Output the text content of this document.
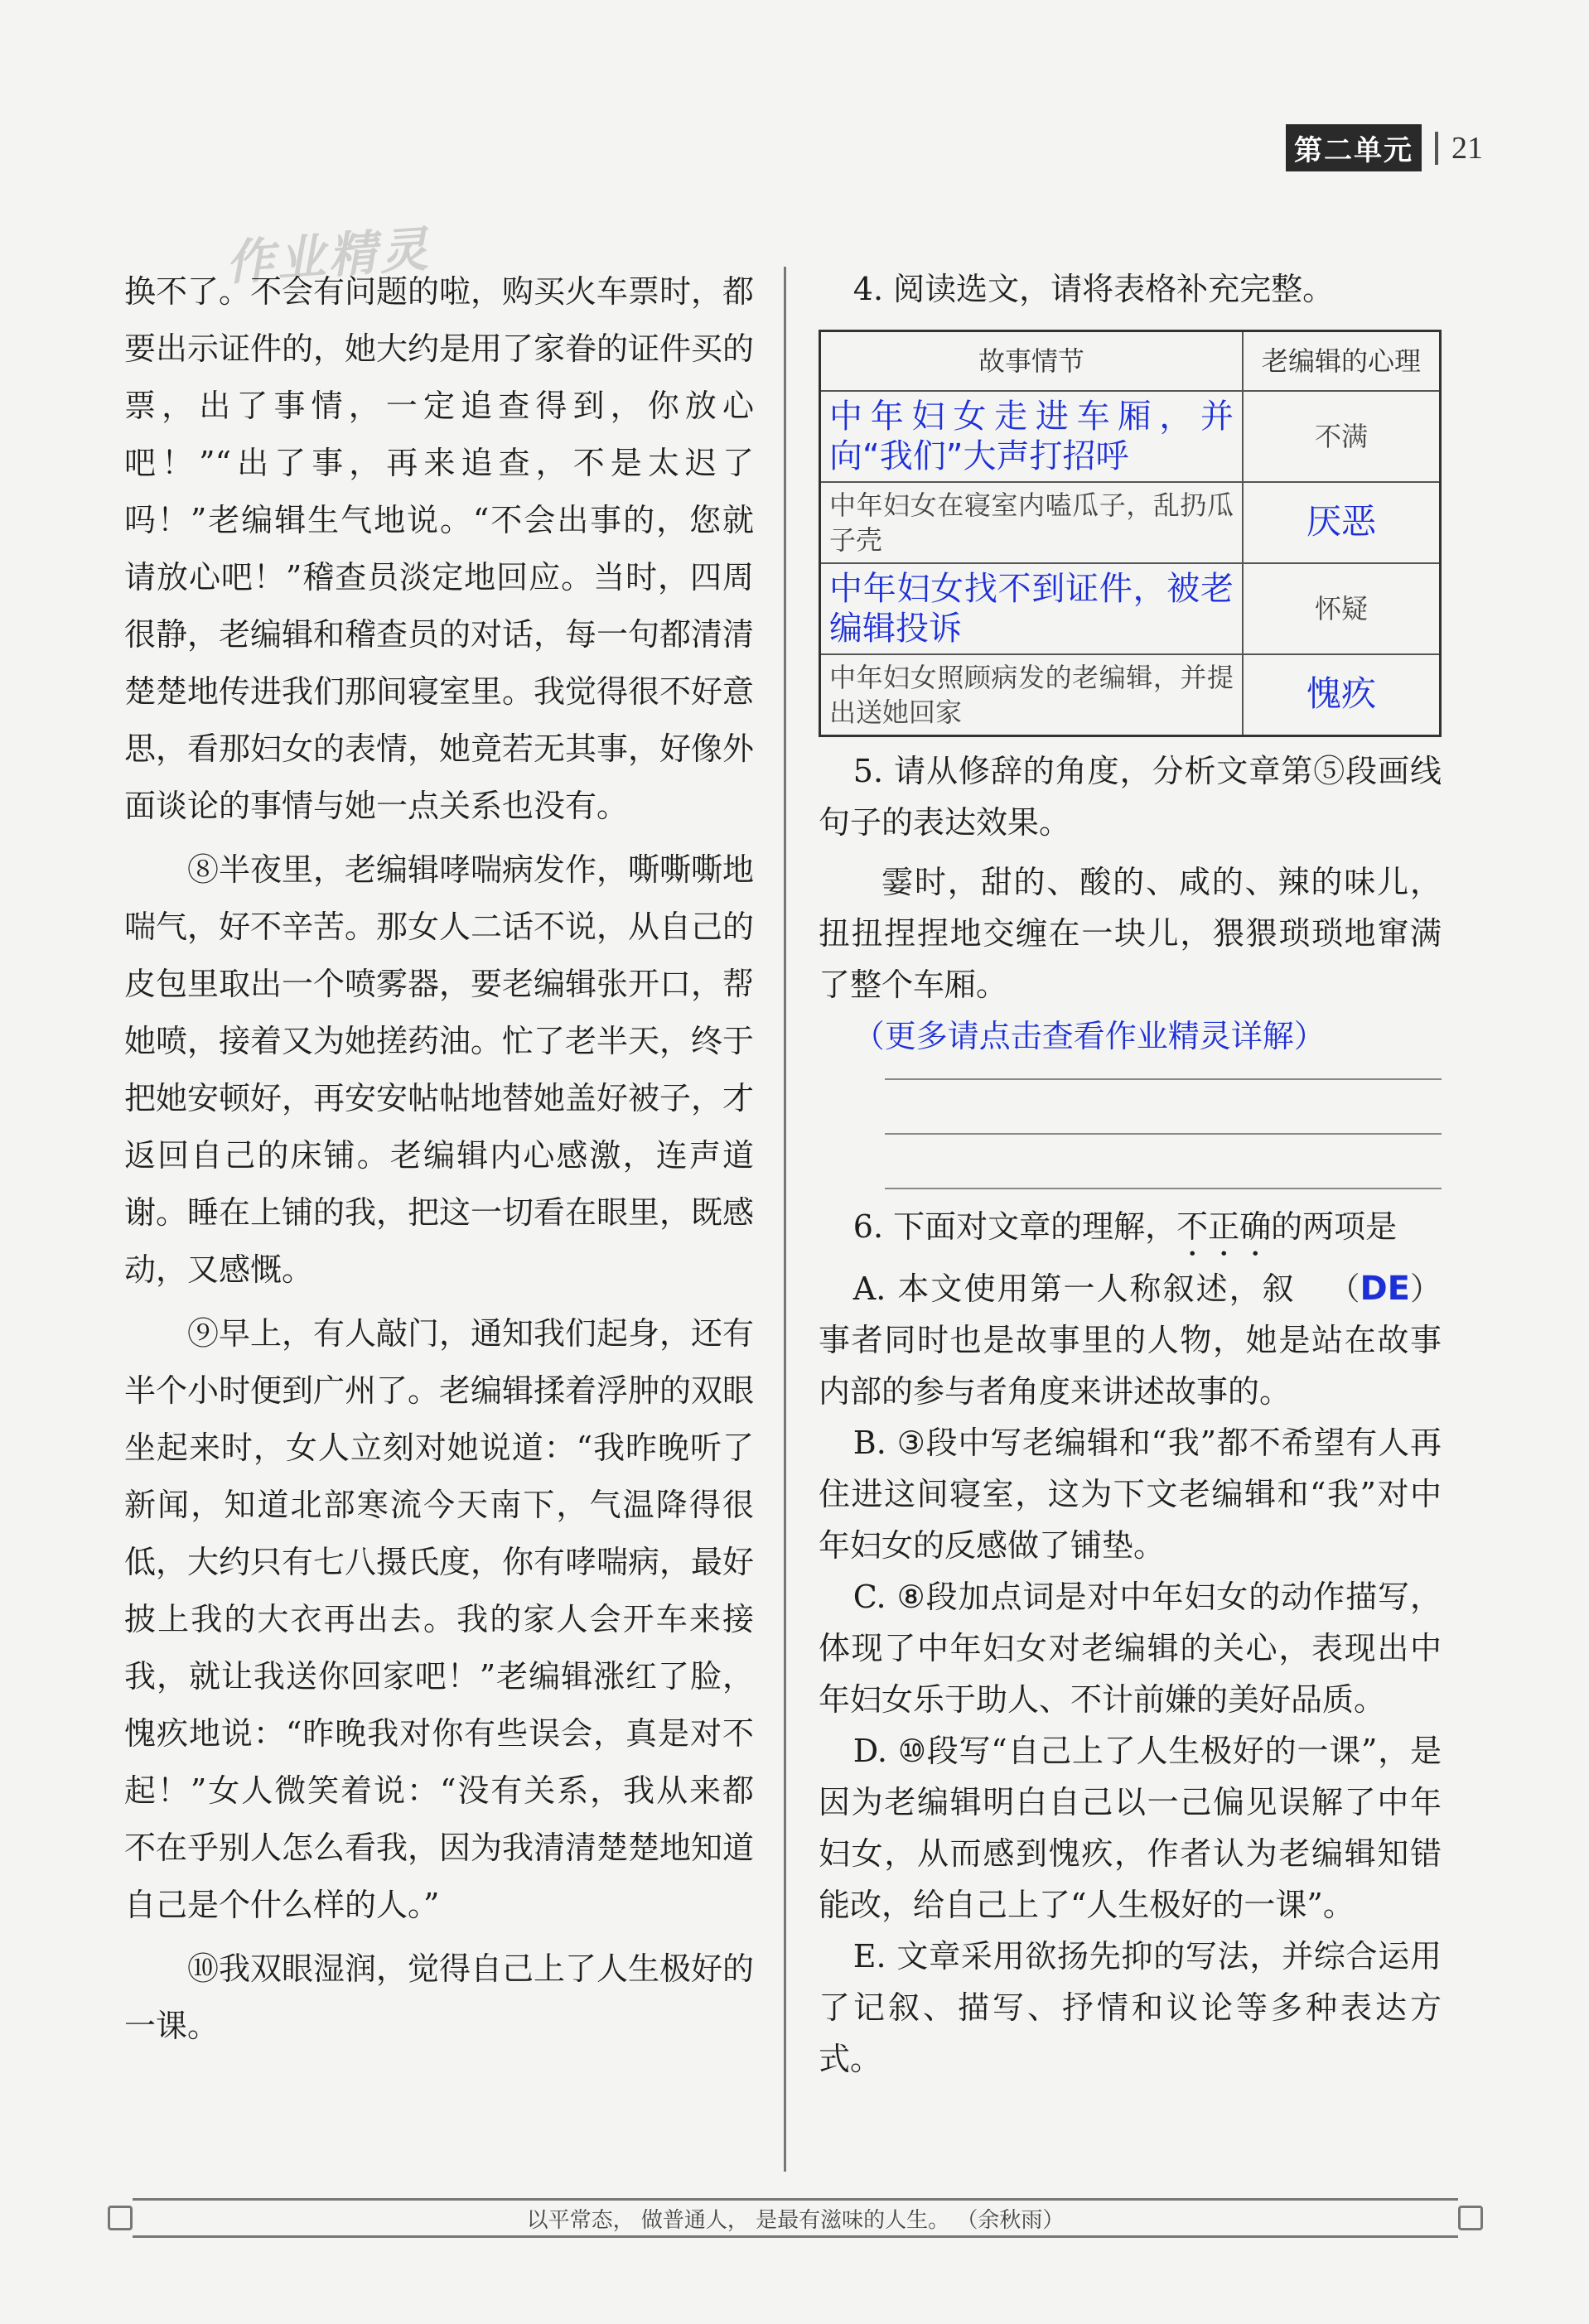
第二单元 21
作业精灵

换不了。不会有问题的啦，购买火车票时，都要出示证件的，她大约是用了家眷的证件买的票，出了事情，一定追查得到，你放心吧！”“出了事，再来追查，不是太迟了吗！”老编辑生气地说。“不会出事的，您就请放心吧！”稽查员淡定地回应。当时，四周很静，老编辑和稽查员的对话，每一句都清清楚楚地传进我们那间寝室里。我觉得很不好意思，看那妇女的表情，她竟若无其事，好像外面谈论的事情与她一点关系也没有。

⑧半夜里，老编辑哮喘病发作，嘶嘶嘶地喘气，好不辛苦。那女人二话不说，从自己的皮包里取出一个喷雾器，要老编辑张开口，帮她喷，接着又为她搓药油。忙了老半天，终于把她安顿好，再安安帖帖地替她盖好被子，才返回自己的床铺。老编辑内心感激，连声道谢。睡在上铺的我，把这一切看在眼里，既感动，又感慨。

⑨早上，有人敲门，通知我们起身，还有半个小时便到广州了。老编辑揉着浮肿的双眼坐起来时，女人立刻对她说道：“我昨晚听了新闻，知道北部寒流今天南下，气温降得很低，大约只有七八摄氏度，你有哮喘病，最好披上我的大衣再出去。我的家人会开车来接我，就让我送你回家吧！”老编辑涨红了脸，愧疚地说：“昨晚我对你有些误会，真是对不起！”女人微笑着说：“没有关系，我从来都不在乎别人怎么看我，因为我清清楚楚地知道自己是个什么样的人。”

⑩我双眼湿润，觉得自己上了人生极好的一课。

4. 阅读选文，请将表格补充完整。

故事情节	老编辑的心理
中年妇女走进车厢，并向“我们”大声打招呼	不满
中年妇女在寝室内嗑瓜子，乱扔瓜子壳	厌恶
中年妇女找不到证件，被老编辑投诉	怀疑
中年妇女照顾病发的老编辑，并提出送她回家	愧疚

5. 请从修辞的角度，分析文章第⑤段画线句子的表达效果。

霎时，甜的、酸的、咸的、辣的味儿，扭扭捏捏地交缠在一块儿，猥猥琐琐地窜满了整个车厢。

（更多请点击查看作业精灵详解）

6. 下面对文章的理解，不正确的两项是
（DE）

A. 本文使用第一人称叙述，叙事者同时也是故事里的人物，她是站在故事内部的参与者角度来讲述故事的。

B. ③段中写老编辑和“我”都不希望有人再住进这间寝室，这为下文老编辑和“我”对中年妇女的反感做了铺垫。

C. ⑧段加点词是对中年妇女的动作描写，体现了中年妇女对老编辑的关心，表现出中年妇女乐于助人、不计前嫌的美好品质。

D. ⑩段写“自己上了人生极好的一课”，是因为老编辑明白自己以一己偏见误解了中年妇女，从而感到愧疚，作者认为老编辑知错能改，给自己上了“人生极好的一课”。

E. 文章采用欲扬先抑的写法，并综合运用了记叙、描写、抒情和议论等多种表达方式。

以平常态， 做普通人， 是最有滋味的人生。 （余秋雨）
